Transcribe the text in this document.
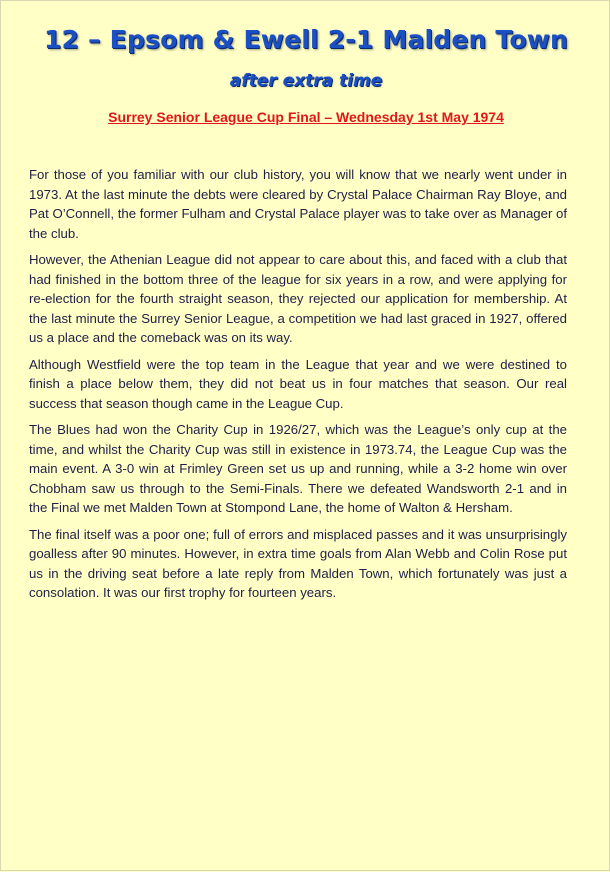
12 – Epsom & Ewell 2-1 Malden Town
after extra time
Surrey Senior League Cup Final – Wednesday 1st May 1974

For those of you familiar with our club history, you will know that we nearly went under in 1973. At the last minute the debts were cleared by Crystal Palace Chairman Ray Bloye, and Pat O’Connell, the former Fulham and Crystal Palace player was to take over as Manager of the club.

However, the Athenian League did not appear to care about this, and faced with a club that had finished in the bottom three of the league for six years in a row, and were applying for re-election for the fourth straight season, they rejected our application for membership. At the last minute the Surrey Senior League, a competition we had last graced in 1927, offered us a place and the comeback was on its way.

Although Westfield were the top team in the League that year and we were destined to finish a place below them, they did not beat us in four matches that season. Our real success that season though came in the League Cup.

The Blues had won the Charity Cup in 1926/27, which was the League’s only cup at the time, and whilst the Charity Cup was still in existence in 1973.74, the League Cup was the main event. A 3-0 win at Frimley Green set us up and running, while a 3-2 home win over Chobham saw us through to the Semi-Finals. There we defeated Wandsworth 2-1 and in the Final we met Malden Town at Stompond Lane, the home of Walton & Hersham.

The final itself was a poor one; full of errors and misplaced passes and it was unsurprisingly goalless after 90 minutes. However, in extra time goals from Alan Webb and Colin Rose put us in the driving seat before a late reply from Malden Town, which fortunately was just a consolation. It was our first trophy for fourteen years.
